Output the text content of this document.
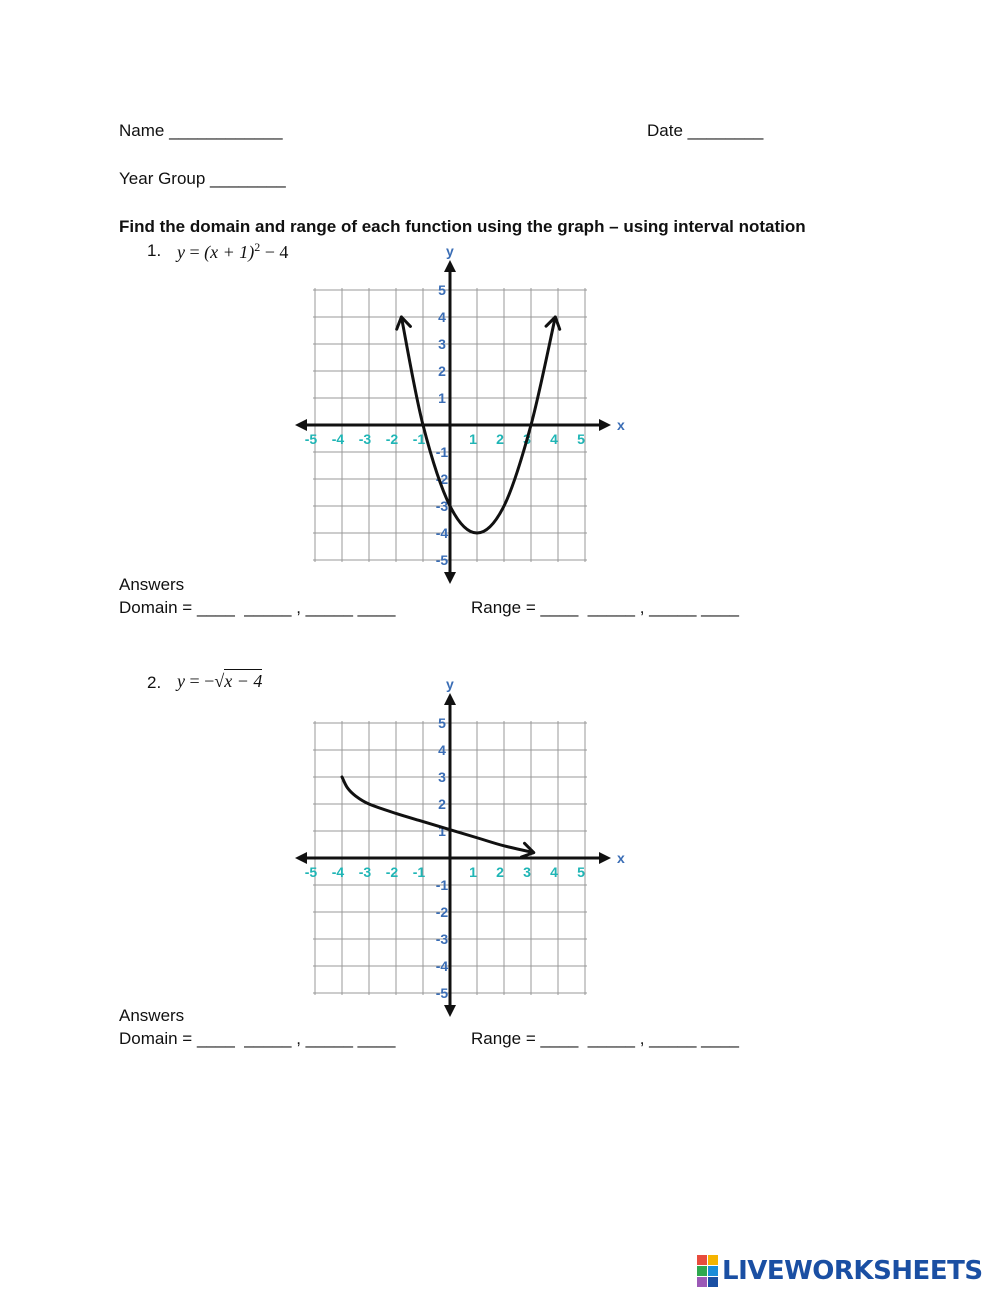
Name ____________	Date ________
Year Group ________
Find the domain and range of each function using the graph – using interval notation
1. $y = (x + 1)^2 - 4$
x
y
-5 -4 -3 -2 -1	1 2 3 4 5
5
4
3
2
1
-1
-2
-3
-4
-5
Answers
Domain = ____  _____ , _____ ____	Range = ____  _____ , _____ ____
2. y = −√x − 4
x
y
-5 -4 -3 -2 -1	1 2 3 4 5
5
4
3
2
1
-1
-2
-3
-4
-5
Answers
Domain = ____  _____ , _____ ____	Range = ____  _____ , _____ ____
LIVEWORKSHEETS
